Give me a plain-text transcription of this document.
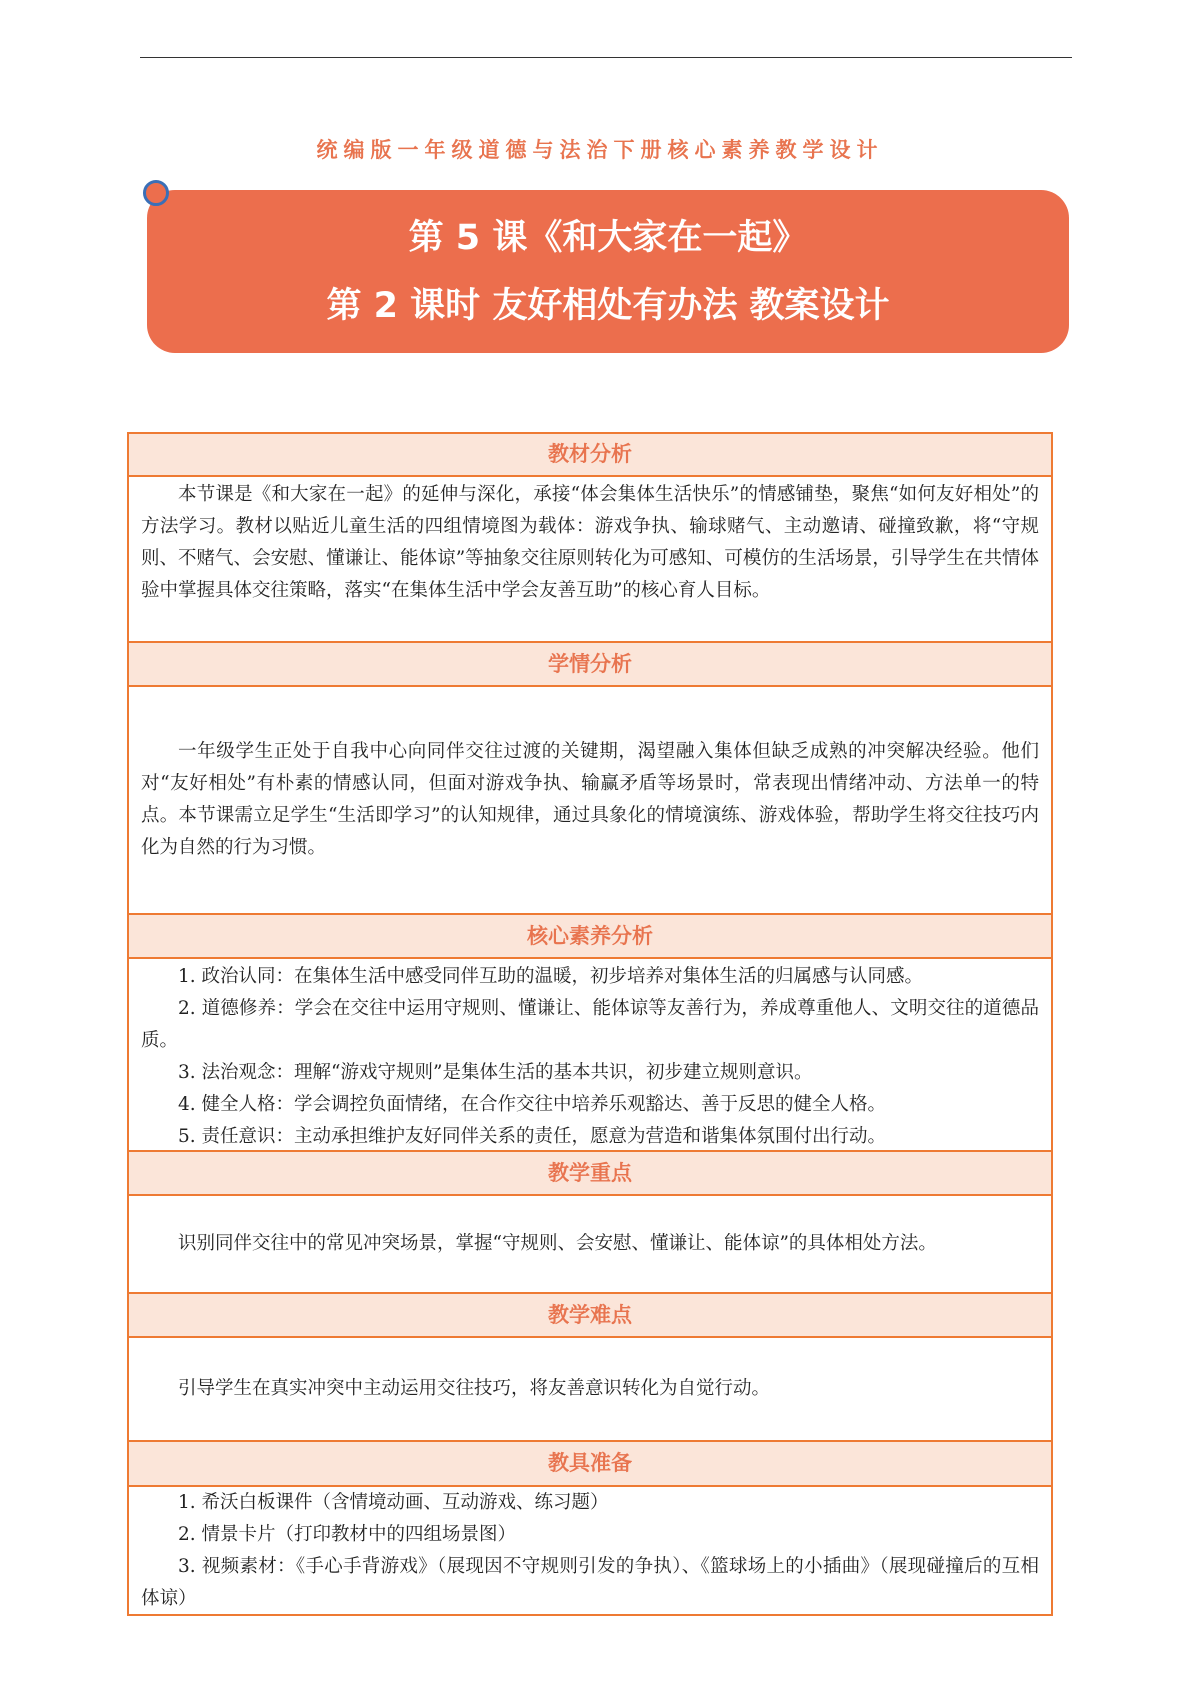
统编版一年级道德与法治下册核心素养教学设计
第 5 课《和大家在一起》
第 2 课时 友好相处有办法 教案设计
教材分析

本节课是《和大家在一起》的延伸与深化，承接“体会集体生活快乐”的情感铺垫，聚焦“如何友好相处”的方法学习。教材以贴近儿童生活的四组情境图为载体：游戏争执、输球赌气、主动邀请、碰撞致歉，将“守规则、不赌气、会安慰、懂谦让、能体谅”等抽象交往原则转化为可感知、可模仿的生活场景，引导学生在共情体验中掌握具体交往策略，落实“在集体生活中学会友善互助”的核心育人目标。

学情分析

一年级学生正处于自我中心向同伴交往过渡的关键期，渴望融入集体但缺乏成熟的冲突解决经验。他们对“友好相处”有朴素的情感认同，但面对游戏争执、输赢矛盾等场景时，常表现出情绪冲动、方法单一的特点。本节课需立足学生“生活即学习”的认知规律，通过具象化的情境演练、游戏体验，帮助学生将交往技巧内化为自然的行为习惯。

核心素养分析

1. 政治认同：在集体生活中感受同伴互助的温暖，初步培养对集体生活的归属感与认同感。

2. 道德修养：学会在交往中运用守规则、懂谦让、能体谅等友善行为，养成尊重他人、文明交往的道德品质。

3. 法治观念：理解“游戏守规则”是集体生活的基本共识，初步建立规则意识。

4. 健全人格：学会调控负面情绪，在合作交往中培养乐观豁达、善于反思的健全人格。

5. 责任意识：主动承担维护友好同伴关系的责任，愿意为营造和谐集体氛围付出行动。

教学重点

识别同伴交往中的常见冲突场景，掌握“守规则、会安慰、懂谦让、能体谅”的具体相处方法。

教学难点

引导学生在真实冲突中主动运用交往技巧，将友善意识转化为自觉行动。

教具准备

1. 希沃白板课件（含情境动画、互动游戏、练习题）

2. 情景卡片（打印教材中的四组场景图）

3. 视频素材：《手心手背游戏》（展现因不守规则引发的争执）、《篮球场上的小插曲》（展现碰撞后的互相体谅）
